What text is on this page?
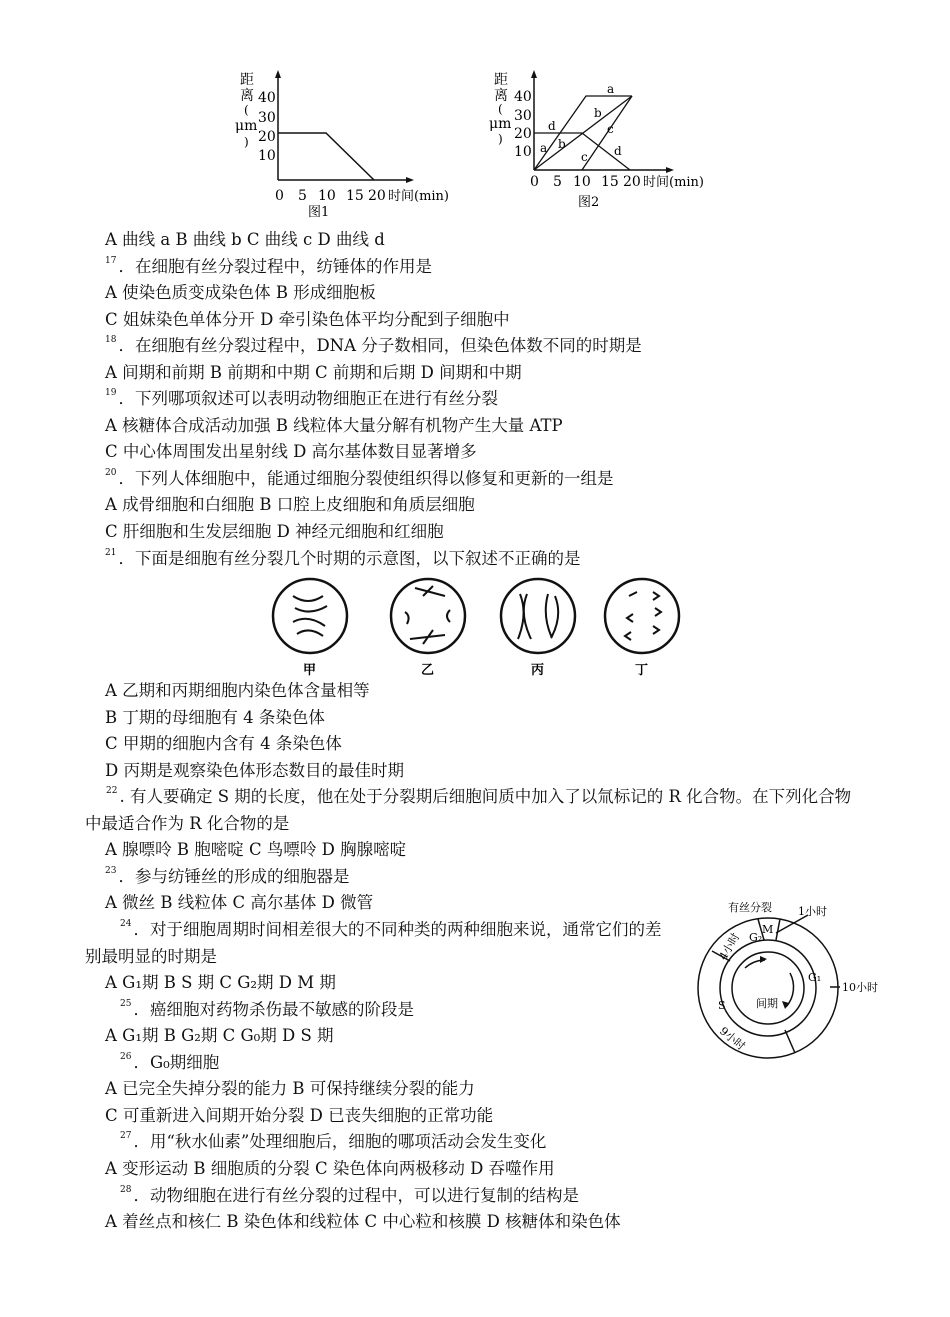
距
离
(
μm
)
10
20
30
40
0 5 10 15 20 时间(min)
图1
距
离
(
μm
)
10
20
30
40
0 5 10 15 20 时间(min)
图2
a
b
c
d
a b
c d
A 曲线 a B 曲线 b C 曲线 c D 曲线 d
$^{17}$ ．在细胞有丝分裂过程中，纺锤体的作用是
A 使染色质变成染色体 B 形成细胞板
C 姐妹染色单体分开 D 牵引染色体平均分配到子细胞中
$^{18}$ ．在细胞有丝分裂过程中，DNA 分子数相同，但染色体数不同的时期是
A 间期和前期 B 前期和中期 C 前期和后期 D 间期和中期
$^{19}$ ．下列哪项叙述可以表明动物细胞正在进行有丝分裂
A 核糖体合成活动加强 B 线粒体大量分解有机物产生大量 ATP
C 中心体周围发出星射线 D 高尔基体数目显著增多
$^{20}$ ．下列人体细胞中，能通过细胞分裂使组织得以修复和更新的一组是
A 成骨细胞和白细胞 B 口腔上皮细胞和角质层细胞
C 肝细胞和生发层细胞 D 神经元细胞和红细胞
$^{21}$ ．下面是细胞有丝分裂几个时期的示意图，以下叙述不正确的是
甲	乙	丙	丁
A 乙期和丙期细胞内染色体含量相等
B 丁期的母细胞有 4 条染色体
C 甲期的细胞内含有 4 条染色体
D 丙期是观察染色体形态数目的最佳时期
$^{22}$ . 有人要确定 S 期的长度，他在处于分裂期后细胞间质中加入了以氚标记的 R 化合物。在下列化合物
中最适合作为 R 化合物的是
A 腺嘌呤 B 胞嘧啶 C 鸟嘌呤 D 胸腺嘧啶
$^{23}$ ．参与纺锤丝的形成的细胞器是
A 微丝 B 线粒体 C 高尔基体 D 微管
$^{24}$ ．对于细胞周期时间相差很大的不同种类的两种细胞来说，通常它们的差
别最明显的时期是
A G₁期 B S 期 C G₂期 D M 期
$^{25}$ ．癌细胞对药物杀伤最不敏感的阶段是
A G₁期 B G₂期 C G₀期 D S 期
$^{26}$ ．G₀期细胞
A 已完全失掉分裂的能力 B 可保持继续分裂的能力
C 可重新进入间期开始分裂 D 已丧失细胞的正常功能
$^{27}$ ．用“秋水仙素”处理细胞后，细胞的哪项活动会发生变化
A 变形运动 B 细胞质的分裂 C 染色体向两极移动 D 吞噬作用
$^{28}$ ．动物细胞在进行有丝分裂的过程中，可以进行复制的结构是
A 着丝点和核仁 B 染色体和线粒体 C 中心粒和核膜 D 核糖体和染色体
有丝分裂
M
1小时
G₂
4小时
G₁
10小时
S
9小时
间期
